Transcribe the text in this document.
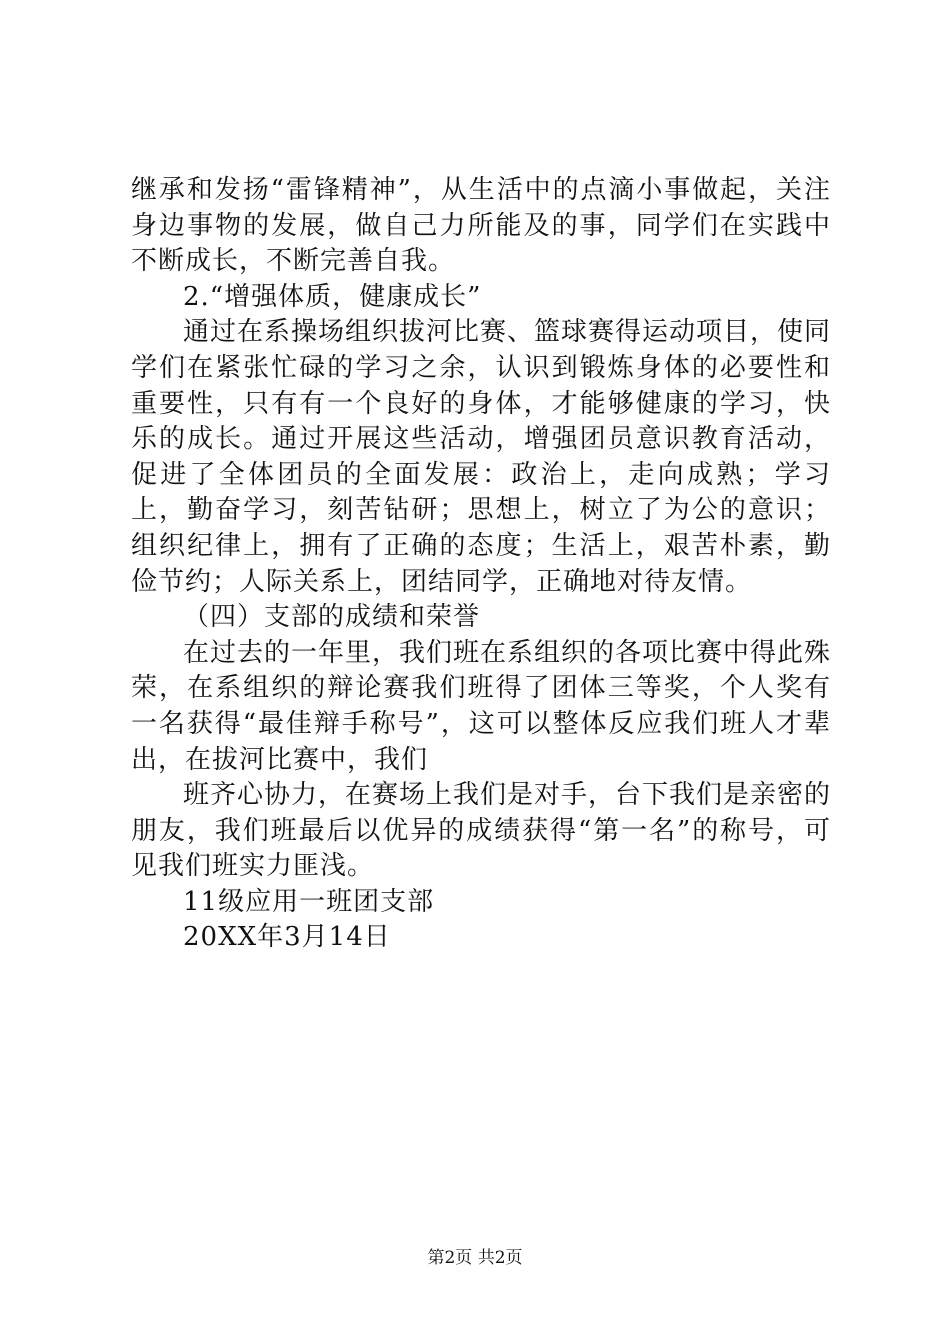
继承和发扬“雷锋精神”，从生活中的点滴小事做起，关注身边事物的发展，做自己力所能及的事，同学们在实践中不断成长，不断完善自我。

2.“增强体质，健康成长”

通过在系操场组织拔河比赛、篮球赛得运动项目，使同学们在紧张忙碌的学习之余，认识到锻炼身体的必要性和重要性，只有有一个良好的身体，才能够健康的学习，快乐的成长。通过开展这些活动，增强团员意识教育活动，促进了全体团员的全面发展：政治上，走向成熟；学习上，勤奋学习，刻苦钻研；思想上，树立了为公的意识；组织纪律上，拥有了正确的态度；生活上，艰苦朴素，勤俭节约；人际关系上，团结同学，正确地对待友情。

（四）支部的成绩和荣誉

在过去的一年里，我们班在系组织的各项比赛中得此殊荣，在系组织的辩论赛我们班得了团体三等奖，个人奖有一名获得“最佳辩手称号”，这可以整体反应我们班人才辈出，在拔河比赛中，我们

班齐心协力，在赛场上我们是对手，台下我们是亲密的朋友，我们班最后以优异的成绩获得“第一名”的称号，可见我们班实力匪浅。

11级应用一班团支部

20XX年3月14日

第2页 共2页
